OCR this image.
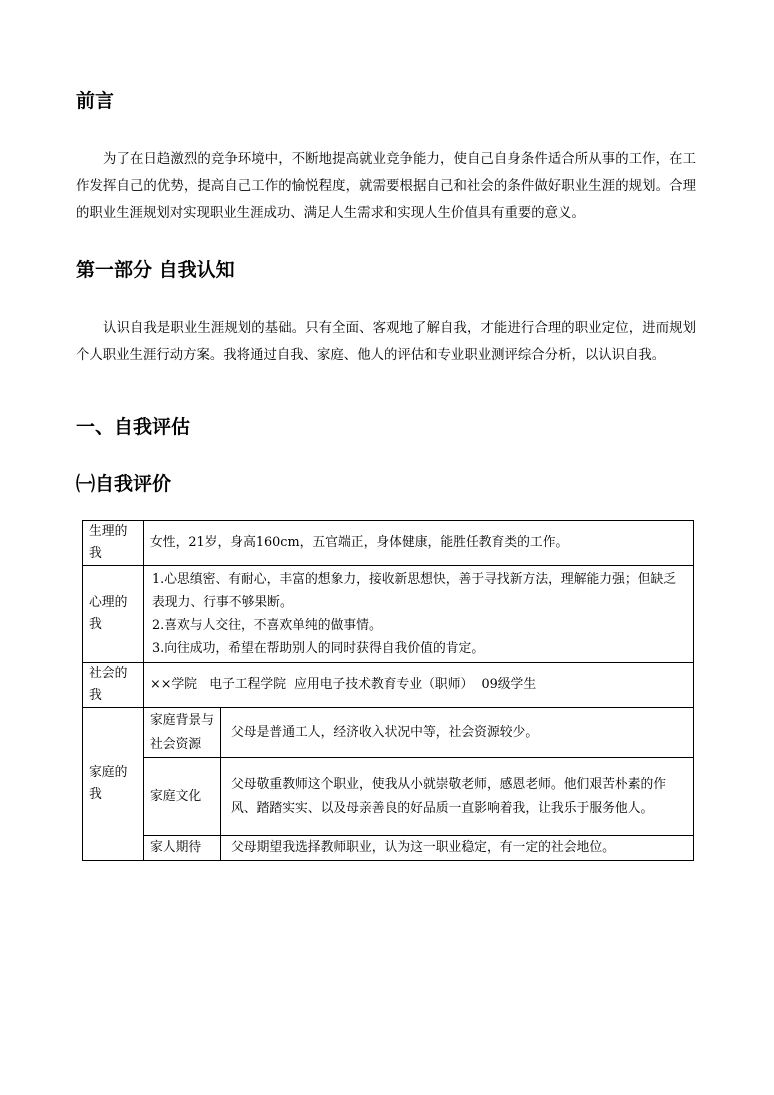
前言

为了在日趋激烈的竞争环境中，不断地提高就业竞争能力，使自己自身条件适合所从事的工作，在工作发挥自己的优势，提高自己工作的愉悦程度，就需要根据自己和社会的条件做好职业生涯的规划。合理的职业生涯规划对实现职业生涯成功、满足人生需求和实现人生价值具有重要的意义。

第一部分 自我认知

认识自我是职业生涯规划的基础。只有全面、客观地了解自我，才能进行合理的职业定位，进而规划个人职业生涯行动方案。我将通过自我、家庭、他人的评估和专业职业测评综合分析，以认识自我。

一、自我评估
㈠自我评价
生理的我	女性，21岁，身高160cm，五官端正，身体健康，能胜任教育类的工作。	
心理的我	1.心思缜密、有耐心，丰富的想象力，接收新思想快，善于寻找新方法，理解能力强；但缺乏表现力、行事不够果断。

2.喜欢与人交往，不喜欢单纯的做事情。

3.向往成功，希望在帮助别人的同时获得自我价值的肯定。	

社会的我	××学院   电子工程学院  应用电子技术教育专业（职师）  09级学生	
家庭的我	家庭背景与社会资源	父母是普通工人，经济收入状况中等，社会资源较少。
	家庭文化	父母敬重教师这个职业，使我从小就崇敬老师，感恩老师。他们艰苦朴素的作风、踏踏实实、以及母亲善良的好品质一直影响着我，让我乐于服务他人。
	家人期待	父母期望我选择教师职业，认为这一职业稳定，有一定的社会地位。
